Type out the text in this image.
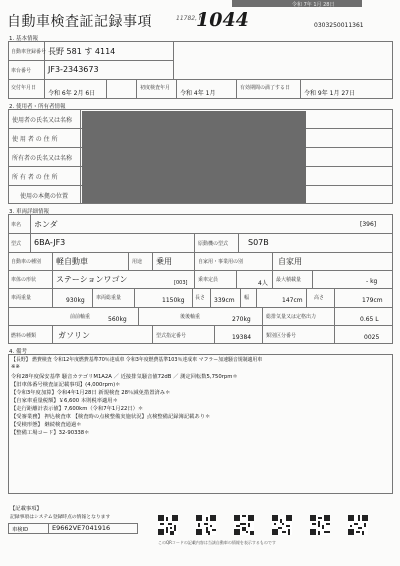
令和 7年 1月 28日
自動車検査証記録事項	11782, N
1044	0303250011361
1. 基本情報
自動車登録番号 長野 581 す 4114
車台番号 JF3-2343673
交付年月日
令和 6年 2月 6日
初度検査年月
令和 4年 1月
有効期間の満了する日
令和 9年 1月 27日
2. 使用者・所有者情報
使用者の氏名又は名称
使 用 者 の 住 所
所有者の氏名又は名称
所 有 者 の 住 所
使用の本拠の位置
3. 車両詳細情報
車名 ホンダ	[396]
型式 6BA-JF3	原動機の型式 S07B
自動車の種別 軽自動車	用途 乗用	自家用・事業用の別	自家用
車体の形状 ステーションワゴン	[003] 乗車定員	4人 最大積載量	- kg
車両重量	930kg 車両総重量	1150kg 長さ 339cm 幅	147cm 高さ	179cm
前前軸重	560kg	後後軸重	270kg	総排気量又は定格出力	0.65 L
燃料の種類	ガソリン	型式指定番号	19384	類別区分番号	0025
4. 備考
【長野】 燃費検査 令和12年度燃費基準70％達成車 令和3年度燃費基準103％達成車 マフラー加速騒音規制適用車
※※
令和28年度保安基準 騒音カテゴリM1A2A ／ 近接排気騒音値72dB ／ 測定回転数5,750rpm＊
【旧車体番号検査証記載事項】(4,000rpm)＊
【令和3年度加算】令和4年1月28日 新規検査 28％減免措置済み＊
【自家車重量税額】￥6,600 本則税率適用＊
【走行距離計表示値】7,600km（令和7年1月22日）＊
【受審業務】 押込検査車 【検査時の点検整備実施状況】点検整備記録簿記載あり＊
【受検形態】 継続検査通過＊
【整備工場コード】32-90338＊
【記載事項】
記録事項はシステム登録時点の情報となります
車検ID	E9662VE7041916
このQRコードの記載内容は当該自動車の情報を表示するものです
